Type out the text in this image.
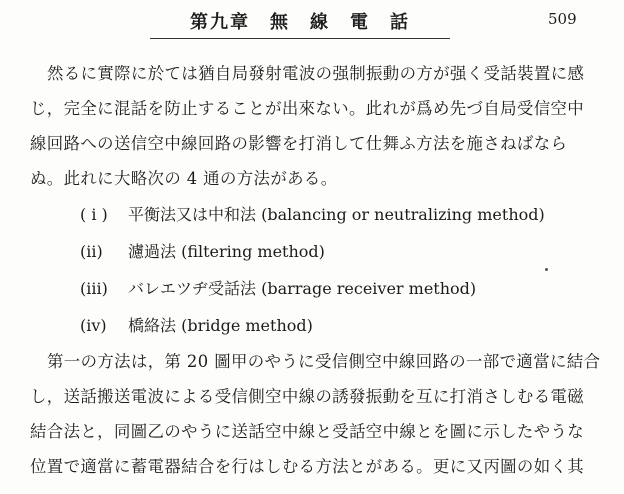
第九章　無　線　電　話	509
然るに實際に於ては猶自局發射電波の强制振動の方が强く受話裝置に感
じ，完全に混話を防止することが出來ない。此れが爲め先づ自局受信空中
線回路への送信空中線回路の影響を打消して仕舞ふ方法を施さねばなら
ぬ。此れに大略次の 4 通の方法がある。
( i ) 平衡法又は中和法 (balancing or neutralizing method)
(ii) 濾過法 (filtering method)
(iii) バレエツヂ受話法 (barrage receiver method)
(iv) 橋絡法 (bridge method)
第一の方法は，第 20 圖甲のやうに受信側空中線回路の一部で適當に結合
し，送話搬送電波による受信側空中線の誘發振動を互に打消さしむる電磁
結合法と，同圖乙のやうに送話空中線と受話空中線とを圖に示したやうな
位置で適當に蓄電器結合を行はしむる方法とがある。更に又丙圖の如く其
